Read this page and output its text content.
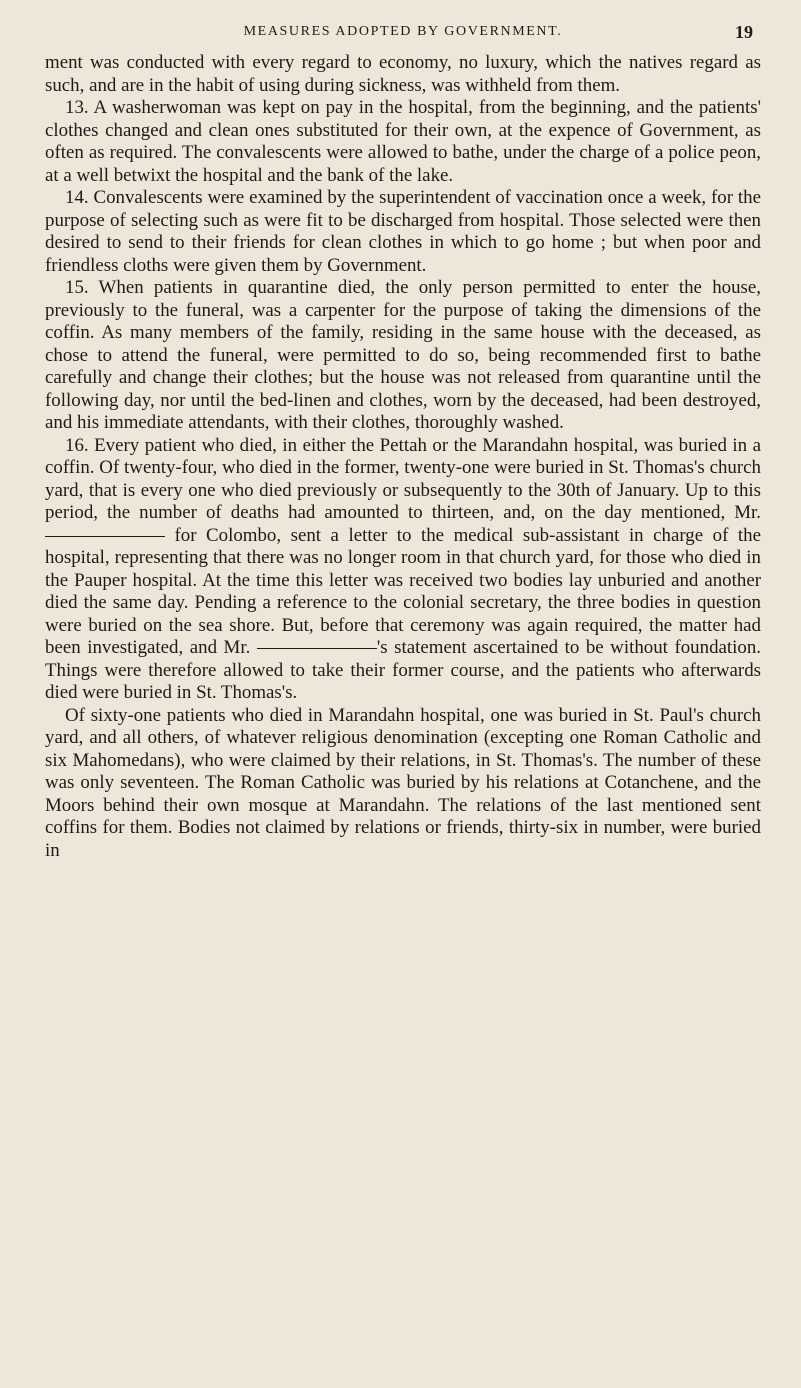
MEASURES ADOPTED BY GOVERNMENT.	19

ment was conducted with every regard to economy, no luxury, which the natives regard as such, and are in the habit of using during sickness, was withheld from them.

13. A washerwoman was kept on pay in the hospital, from the beginning, and the patients' clothes changed and clean ones substituted for their own, at the expence of Government, as often as required. The convalescents were allowed to bathe, under the charge of a police peon, at a well betwixt the hospital and the bank of the lake.

14. Convalescents were examined by the superintendent of vaccination once a week, for the purpose of selecting such as were fit to be discharged from hospital. Those selected were then desired to send to their friends for clean clothes in which to go home ; but when poor and friendless cloths were given them by Government.

15. When patients in quarantine died, the only person permitted to enter the house, previously to the funeral, was a carpenter for the purpose of taking the dimensions of the coffin. As many members of the family, residing in the same house with the deceased, as chose to attend the funeral, were permitted to do so, being recommended first to bathe carefully and change their clothes; but the house was not released from quarantine until the following day, nor until the bed-linen and clothes, worn by the deceased, had been destroyed, and his immediate attendants, with their clothes, thoroughly washed.

16. Every patient who died, in either the Pettah or the Marandahn hospital, was buried in a coffin. Of twenty-four, who died in the former, twenty-one were buried in St. Thomas's church yard, that is every one who died previously or subsequently to the 30th of January. Up to this period, the number of deaths had amounted to thirteen, and, on the day mentioned, Mr.  for Colombo, sent a letter to the medical sub-assistant in charge of the hospital, representing that there was no longer room in that church yard, for those who died in the Pauper hospital. At the time this letter was received two bodies lay unburied and another died the same day. Pending a reference to the colonial secretary, the three bodies in question were buried on the sea shore. But, before that ceremony was again required, the matter had been investigated, and Mr.	's statement ascertained to be without foundation. Things were therefore allowed to take their former course, and the patients who afterwards died were buried in St. Thomas's.

Of sixty-one patients who died in Marandahn hospital, one was buried in St. Paul's church yard, and all others, of whatever religious denomination (excepting one Roman Catholic and six Mahomedans), who were claimed by their relations, in St. Thomas's. The number of these was only seventeen. The Roman Catholic was buried by his relations at Cotanchene, and the Moors behind their own mosque at Marandahn. The relations of the last mentioned sent coffins for them. Bodies not claimed by relations or friends, thirty-six in number, were buried in
